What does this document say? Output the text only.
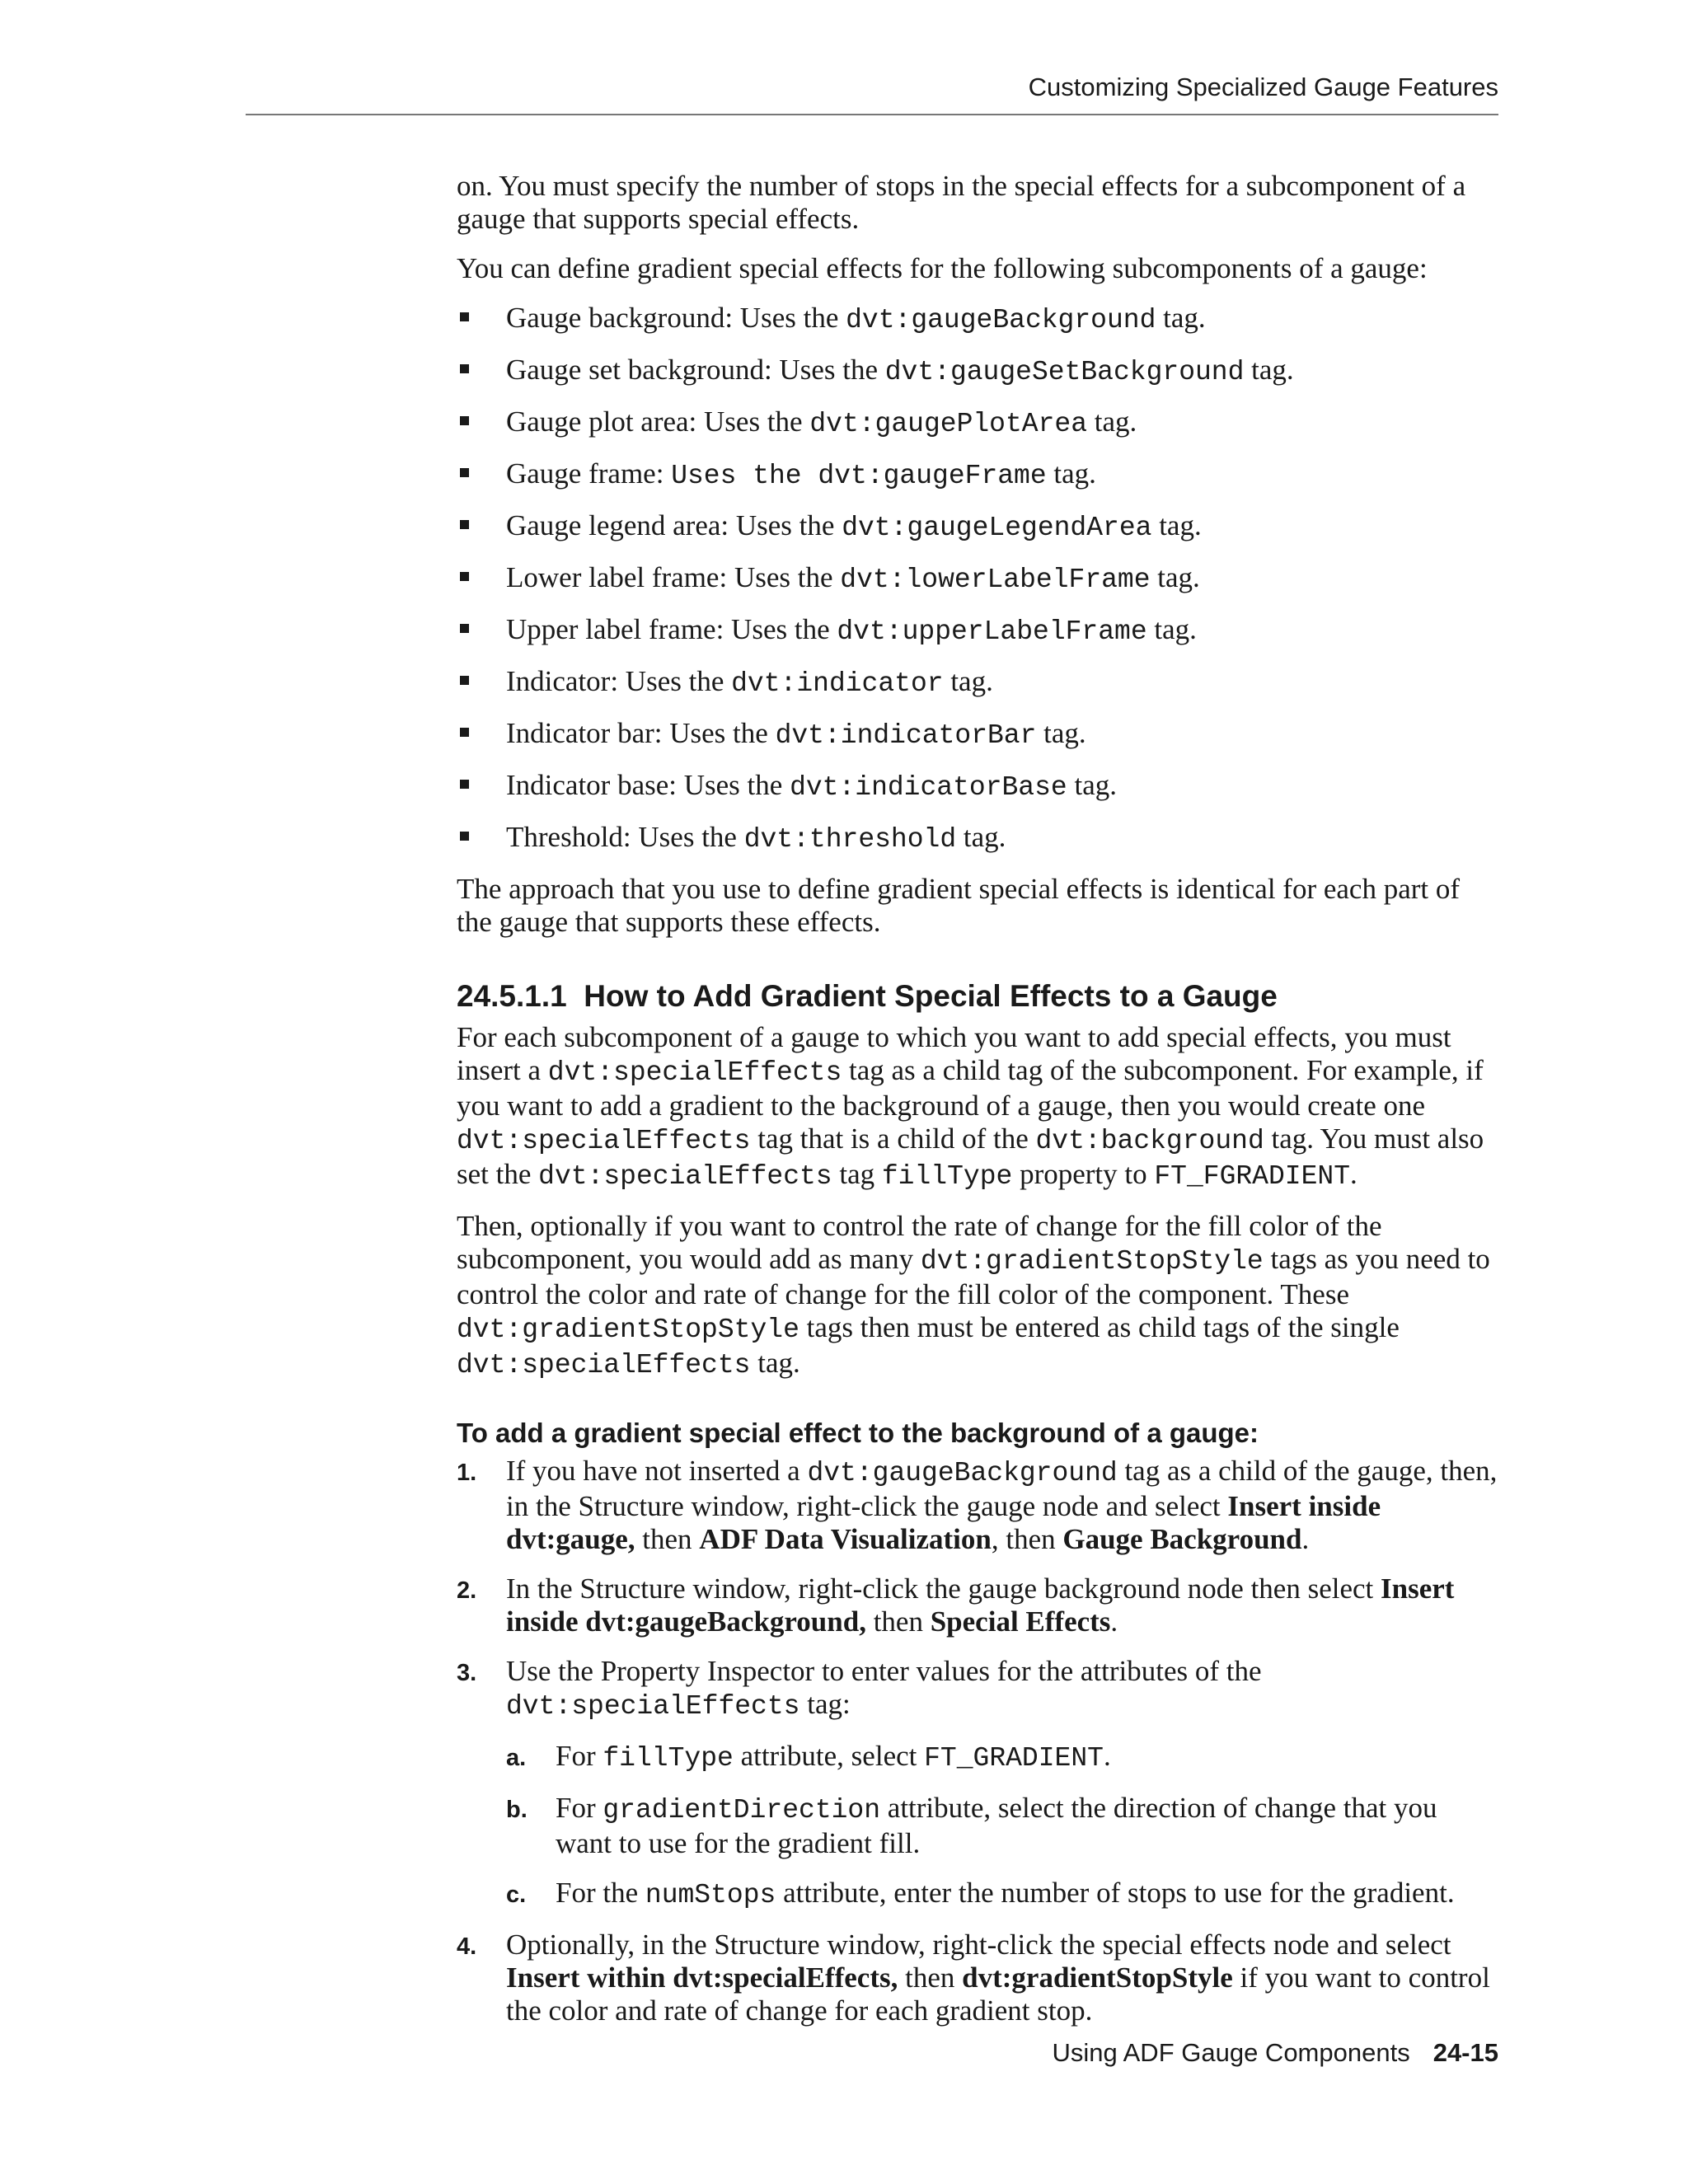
Customizing Specialized Gauge Features

on. You must specify the number of stops in the special effects for a subcomponent of a gauge that supports special effects.

You can define gradient special effects for the following subcomponents of a gauge:

Gauge background: Uses the dvt:gaugeBackground tag.
Gauge set background: Uses the dvt:gaugeSetBackground tag.
Gauge plot area: Uses the dvt:gaugePlotArea tag.
Gauge frame: Uses the dvt:gaugeFrame tag.
Gauge legend area: Uses the dvt:gaugeLegendArea tag.
Lower label frame: Uses the dvt:lowerLabelFrame tag.
Upper label frame: Uses the dvt:upperLabelFrame tag.
Indicator: Uses the dvt:indicator tag.
Indicator bar: Uses the dvt:indicatorBar tag.
Indicator base: Uses the dvt:indicatorBase tag.
Threshold: Uses the dvt:threshold tag.

The approach that you use to define gradient special effects is identical for each part of the gauge that supports these effects.

24.5.1.1 How to Add Gradient Special Effects to a Gauge

For each subcomponent of a gauge to which you want to add special effects, you must insert a dvt:specialEffects tag as a child tag of the subcomponent. For example, if you want to add a gradient to the background of a gauge, then you would create one dvt:specialEffects tag that is a child of the dvt:background tag. You must also set the dvt:specialEffects tag fillType property to FT_FGRADIENT.

Then, optionally if you want to control the rate of change for the fill color of the subcomponent, you would add as many dvt:gradientStopStyle tags as you need to control the color and rate of change for the fill color of the component. These dvt:gradientStopStyle tags then must be entered as child tags of the single dvt:specialEffects tag.

To add a gradient special effect to the background of a gauge:
1. If you have not inserted a dvt:gaugeBackground tag as a child of the gauge, then, in the Structure window, right-click the gauge node and select Insert inside dvt:gauge, then ADF Data Visualization, then Gauge Background.
2. In the Structure window, right-click the gauge background node then select Insert inside dvt:gaugeBackground, then Special Effects.
3. Use the Property Inspector to enter values for the attributes of the dvt:specialEffects tag:
a. For fillType attribute, select FT_GRADIENT.
b. For gradientDirection attribute, select the direction of change that you want to use for the gradient fill.
c. For the numStops attribute, enter the number of stops to use for the gradient.
4. Optionally, in the Structure window, right-click the special effects node and select Insert within dvt:specialEffects, then dvt:gradientStopStyle if you want to control the color and rate of change for each gradient stop.
Using ADF Gauge Components 24-15
